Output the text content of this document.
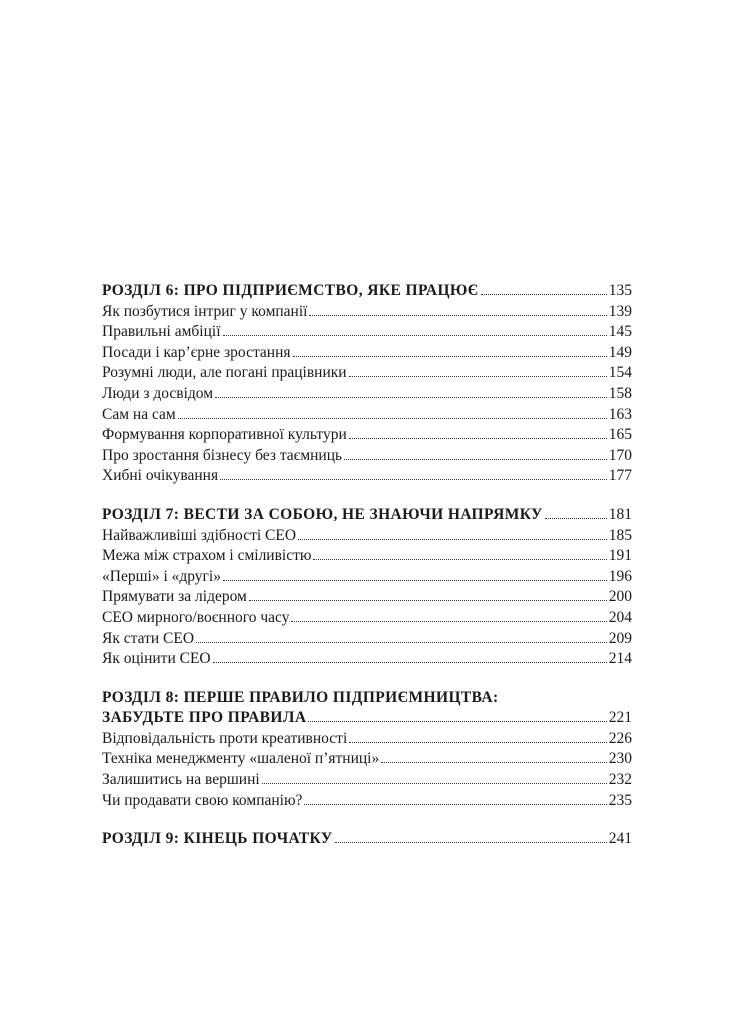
РОЗДІЛ 6: ПРО ПІДПРИЄМСТВО, ЯКЕ ПРАЦЮЄ	135
Як позбутися інтриг у компанії	139
Правильні амбіції	145
Посади і кар’єрне зростання	149
Розумні люди, але погані працівники	154
Люди з досвідом	158
Сам на сам	163
Формування корпоративної культури	165
Про зростання бізнесу без таємниць	170
Хибні очікування	177
РОЗДІЛ 7: ВЕСТИ ЗА СОБОЮ, НЕ ЗНАЮЧИ НАПРЯМКУ	181
Найважливіші здібності CEO	185
Межа між страхом і сміливістю	191
«Перші» і «другі»	196
Прямувати за лідером	200
CEO мирного/воєнного часу	204
Як стати CEO	209
Як оцінити CEO	214
РОЗДІЛ 8: ПЕРШЕ ПРАВИЛО ПІДПРИЄМНИЦТВА:
ЗАБУДЬТЕ ПРО ПРАВИЛА	221
Відповідальність проти креативності	226
Техніка менеджменту «шаленої п’ятниці»	230
Залишитись на вершині	232
Чи продавати свою компанію?	235
РОЗДІЛ 9: КІНЕЦЬ ПОЧАТКУ	241
